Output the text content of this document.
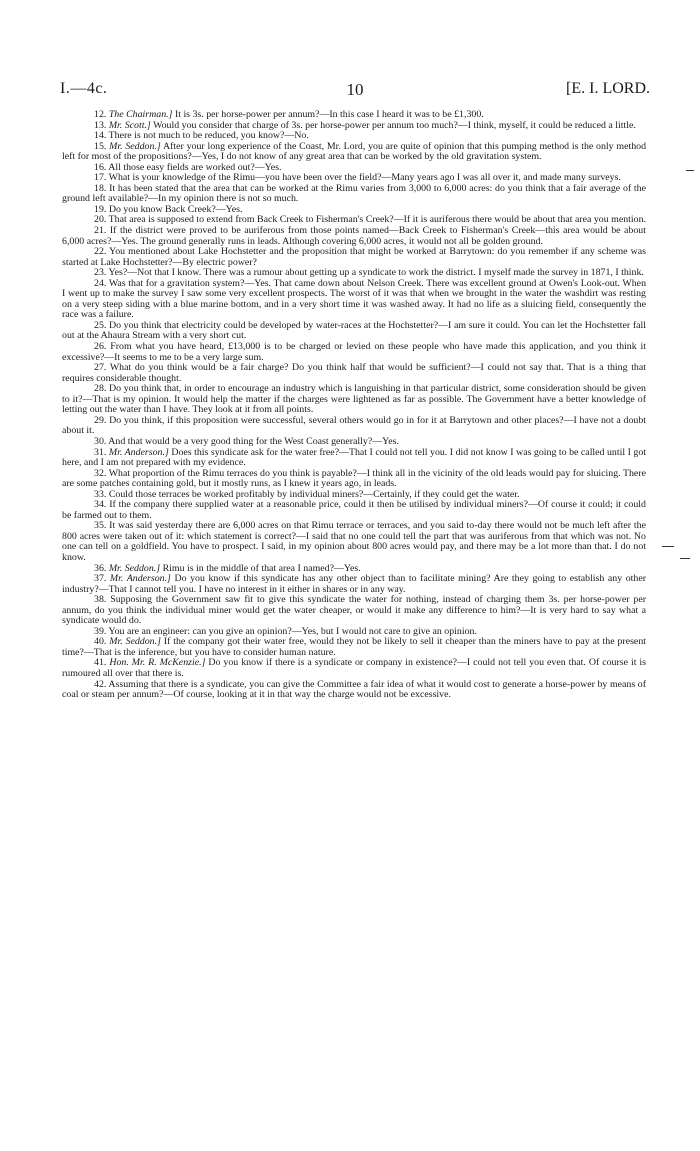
I.—4c.	10	[E. I. LORD.

12. The Chairman.] It is 3s. per horse-power per annum?—In this case I heard it was to be £1,300.

13. Mr. Scott.] Would you consider that charge of 3s. per horse-power per annum too much?—I think, myself, it could be reduced a little.

14. There is not much to be reduced, you know?—No.

15. Mr. Seddon.] After your long experience of the Coast, Mr. Lord, you are quite of opinion that this pumping method is the only method left for most of the propositions?—Yes, I do not know of any great area that can be worked by the old gravitation system.

16. All those easy fields are worked out?—Yes.

17. What is your knowledge of the Rimu—you have been over the field?—Many years ago I was all over it, and made many surveys.

18. It has been stated that the area that can be worked at the Rimu varies from 3,000 to 6,000 acres: do you think that a fair average of the ground left available?—In my opinion there is not so much.

19. Do you know Back Creek?—Yes.

20. That area is supposed to extend from Back Creek to Fisherman's Creek?—If it is auriferous there would be about that area you mention.

21. If the district were proved to be auriferous from those points named—Back Creek to Fisherman's Creek—this area would be about 6,000 acres?—Yes. The ground generally runs in leads. Although covering 6,000 acres, it would not all be golden ground.

22. You mentioned about Lake Hochstetter and the proposition that might be worked at Barrytown: do you remember if any scheme was started at Lake Hochstetter?—By electric power?

23. Yes?—Not that I know. There was a rumour about getting up a syndicate to work the district. I myself made the survey in 1871, I think.

24. Was that for a gravitation system?—Yes. That came down about Nelson Creek. There was excellent ground at Owen's Look-out. When I went up to make the survey I saw some very excellent prospects. The worst of it was that when we brought in the water the washdirt was resting on a very steep siding with a blue marine bottom, and in a very short time it was washed away. It had no life as a sluicing field, consequently the race was a failure.

25. Do you think that electricity could be developed by water-races at the Hochstetter?—I am sure it could. You can let the Hochstetter fall out at the Ahaura Stream with a very short cut.

26. From what you have heard, £13,000 is to be charged or levied on these people who have made this application, and you think it excessive?—It seems to me to be a very large sum.

27. What do you think would be a fair charge? Do you think half that would be sufficient?—I could not say that. That is a thing that requires considerable thought.

28. Do you think that, in order to encourage an industry which is languishing in that particular district, some consideration should be given to it?—That is my opinion. It would help the matter if the charges were lightened as far as possible. The Government have a better knowledge of letting out the water than I have. They look at it from all points.

29. Do you think, if this proposition were successful, several others would go in for it at Barrytown and other places?—I have not a doubt about it.

30. And that would be a very good thing for the West Coast generally?—Yes.

31. Mr. Anderson.] Does this syndicate ask for the water free?—That I could not tell you. I did not know I was going to be called until I got here, and I am not prepared with my evidence.

32. What proportion of the Rimu terraces do you think is payable?—I think all in the vicinity of the old leads would pay for sluicing. There are some patches containing gold, but it mostly runs, as I knew it years ago, in leads.

33. Could those terraces be worked profitably by individual miners?—Certainly, if they could get the water.

34. If the company there supplied water at a reasonable price, could it then be utilised by individual miners?—Of course it could; it could be farmed out to them.

35. It was said yesterday there are 6,000 acres on that Rimu terrace or terraces, and you said to-day there would not be much left after the 800 acres were taken out of it: which statement is correct?—I said that no one could tell the part that was auriferous from that which was not. No one can tell on a goldfield. You have to prospect. I said, in my opinion about 800 acres would pay, and there may be a lot more than that. I do not know.

36. Mr. Seddon.] Rimu is in the middle of that area I named?—Yes.

37. Mr. Anderson.] Do you know if this syndicate has any other object than to facilitate mining? Are they going to establish any other industry?—That I cannot tell you. I have no interest in it either in shares or in any way.

38. Supposing the Government saw fit to give this syndicate the water for nothing, instead of charging them 3s. per horse-power per annum, do you think the individual miner would get the water cheaper, or would it make any difference to him?—It is very hard to say what a syndicate would do.

39. You are an engineer: can you give an opinion?—Yes, but I would not care to give an opinion.

40. Mr. Seddon.] If the company got their water free, would they not be likely to sell it cheaper than the miners have to pay at the present time?—That is the inference, but you have to consider human nature.

41. Hon. Mr. R. McKenzie.] Do you know if there is a syndicate or company in existence?—I could not tell you even that. Of course it is rumoured all over that there is.

42. Assuming that there is a syndicate, you can give the Committee a fair idea of what it would cost to generate a horse-power by means of coal or steam per annum?—Of course, looking at it in that way the charge would not be excessive.
